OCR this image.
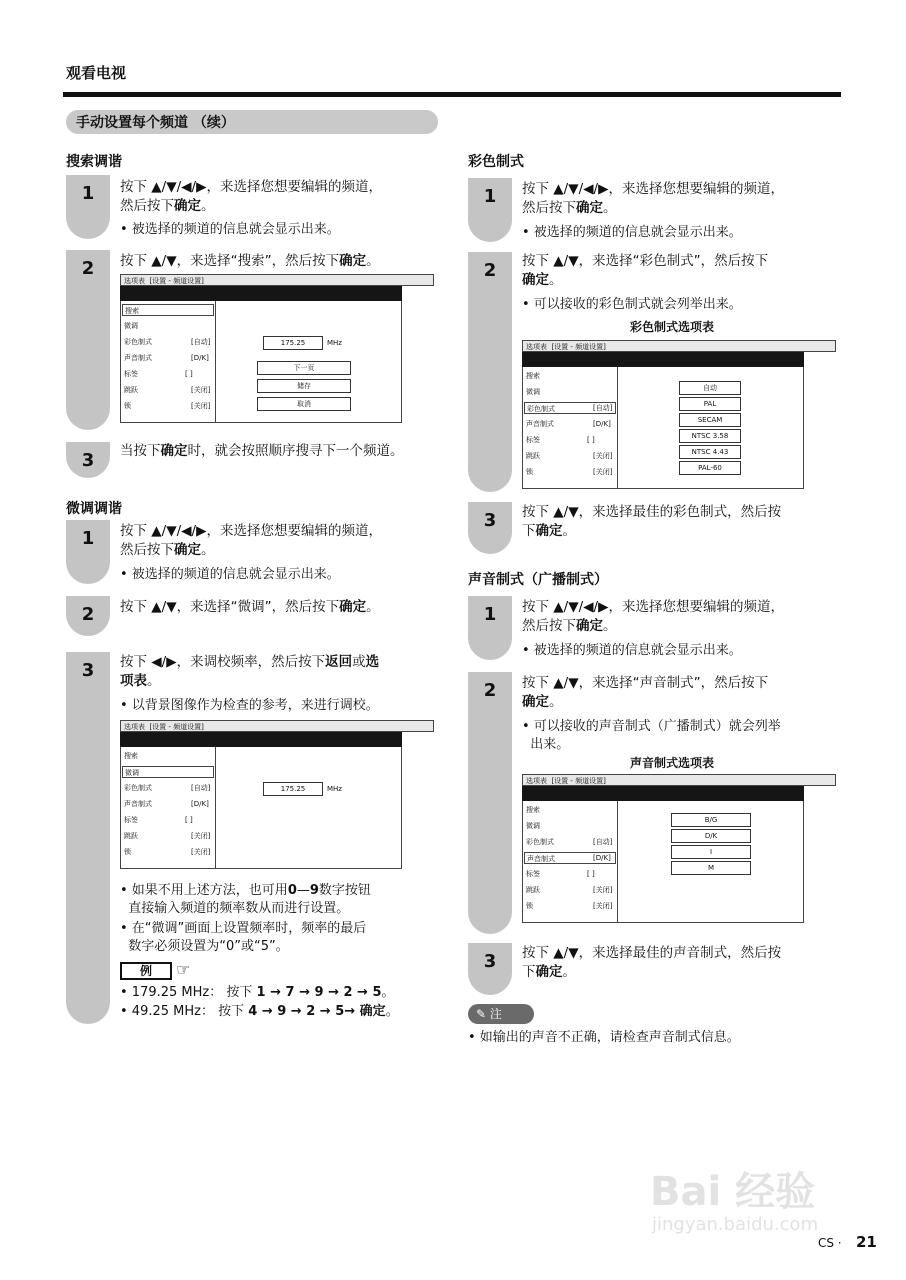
观看电视
手动设置每个频道 （续）
搜索调谐
1	按下 ▲/▼/◀/▶，来选择您想要编辑的频道，
然后按下确定。
• 被选择的频道的信息就会显示出来。
2	按下 ▲/▼，来选择“搜索”，然后按下确定。
选项表 [设置 - 频道设置]
搜索
微调
彩色制式	[自动]
声音制式	[D/K]
标签	[ ]
跳跃	[关闭]
锁	[关闭]
175.25	MHz
下一页
储存
取消
3	当按下确定时，就会按照顺序搜寻下一个频道。
微调调谐
1	按下 ▲/▼/◀/▶，来选择您想要编辑的频道，
然后按下确定。
• 被选择的频道的信息就会显示出来。
2	按下 ▲/▼，来选择“微调”，然后按下确定。
3	按下 ◀/▶，来调校频率，然后按下返回或选
项表。
• 以背景图像作为检查的参考，来进行调校。
选项表 [设置 - 频道设置]
搜索
微调
彩色制式	[自动]
声音制式	[D/K]
标签	[ ]
跳跃	[关闭]
锁	[关闭]
175.25	MHz
• 如果不用上述方法，也可用0—9数字按钮
直接输入频道的频率数从而进行设置。
• 在“微调”画面上设置频率时，频率的最后
数字必须设置为“0”或“5”。
例	☞
• 179.25 MHz： 按下 1 → 7 → 9 → 2 → 5。
• 49.25 MHz： 按下 4 → 9 → 2 → 5→ 确定。
彩色制式
1	按下 ▲/▼/◀/▶，来选择您想要编辑的频道，
然后按下确定。
• 被选择的频道的信息就会显示出来。
2	按下 ▲/▼，来选择“彩色制式”，然后按下
确定。
• 可以接收的彩色制式就会列举出来。
彩色制式选项表
选项表 [设置 - 频道设置]
搜索
微调
彩色制式	[自动]
声音制式	[D/K]
标签	[ ]
跳跃	[关闭]
锁	[关闭]
自动
PAL
SECAM
NTSC 3.58
NTSC 4.43
PAL-60
3	按下 ▲/▼，来选择最佳的彩色制式，然后按
下确定。
声音制式（广播制式）
1	按下 ▲/▼/◀/▶，来选择您想要编辑的频道，
然后按下确定。
• 被选择的频道的信息就会显示出来。
2	按下 ▲/▼，来选择“声音制式”，然后按下
确定。
• 可以接收的声音制式（广播制式）就会列举
出来。
声音制式选项表
选项表 [设置 - 频道设置]
搜索
微调
彩色制式	[自动]
声音制式	[D/K]
标签	[ ]
跳跃	[关闭]
锁	[关闭]
B/G
D/K
I
M
3	按下 ▲/▼，来选择最佳的声音制式，然后按
下确定。
✎ 注
• 如输出的声音不正确，请检查声音制式信息。
Bai 经验
jingyan.baidu.com
CS · 21
